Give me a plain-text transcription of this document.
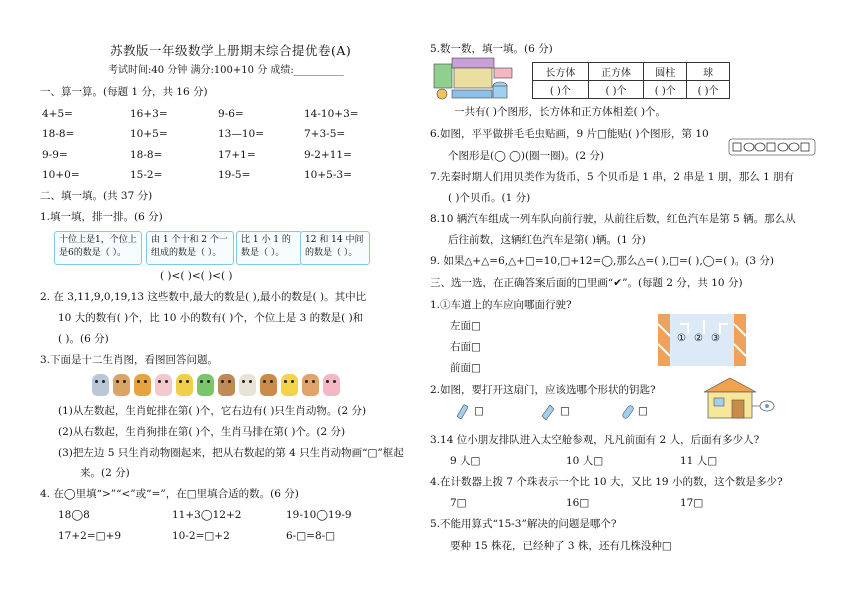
苏教版一年级数学上册期末综合提优卷(A)
考试时间:40 分钟 满分:100+10 分 成绩:__________
一、算一算。(每题 1 分，共 16 分)
4+5=	16+3=	9-6=	14-10+3=
18-8=	10+5=	13—10=	7+3-5=
9-9=	18-8=	17+1=	9-2+11=
10+0=	15-2=	19-5=	10+5-3=
二、填一填。(共 37 分)
1.填一填，排一排。(6 分)
十位上是1，个位上是6的数是（ ）。
由 1 个十和 2 个一组成的数是（ ）。
比 1 小 1 的数是（ ）。
12 和 14 中间的数是（ ）。
( )<( )<( )<( )
2. 在 3,11,9,0,19,13 这些数中,最大的数是( ),最小的数是( )。其中比
10 大的数有( )个，比 10 小的数有( )个，个位上是 3 的数是( )和
( )。(6 分)
3.下面是十二生肖图，看图回答问题。
(1)从左数起，生肖蛇排在第( )个，它右边有( )只生肖动物。(2 分)
(2)从右数起，生肖狗排在第( )个，生肖马排在第( )个。(2 分)
(3)把左边 5 只生肖动物圈起来，把从右数起的第 4 只生肖动物画“□”框起
来。(2 分)
4. 在◯里填“>”“<”或“=”，在□里填合适的数。(6 分)
18◯8	11+3◯12+2	19-10◯19-9
17+2=□+9	10-2=□+2	6-□=8-□
5.数一数，填一填。(6 分)
长方体	正方体	圆柱	球
( )个	( )个	( )个	( )个
一共有( )个图形，长方体和正方体相差( )个。
6.如图，平平做拼毛毛虫贴画，9 片□能贴( )个图形，第 10
个图形是(◯ ◯)(圈一圈)。(2 分)
7.先秦时期人们用贝类作为货币，5 个贝币是 1 串，2 串是 1 朋，那么 1 朋有
( )个贝币。(1 分)
8.10 辆汽车组成一列车队向前行驶，从前往后数，红色汽车是第 5 辆。那么从
后往前数，这辆红色汽车是第( )辆。(1 分)
9. 如果△+△=6,△+□=10,□+12=◯,那么△=( ),□=( ),◯=( )。(3 分)
三、选一选，在正确答案后面的□里画“✔”。(每题 2 分，共 10 分)
1.①车道上的车应向哪面行驶?
左面□
右面□
前面□
① ② ③
2.如图，要打开这扇门，应该选哪个形状的钥匙?
□	□	□
3.14 位小朋友排队进入太空舱参观，凡凡前面有 2 人，后面有多少人?
9 人□	10 人□	11 人□
4.在计数器上拨 7 个珠表示一个比 10 大，又比 19 小的数，这个数是多少?
7□	16□	17□
5.不能用算式“15-3”解决的问题是哪个?
要种 15 株花，已经种了 3 株，还有几株没种□
